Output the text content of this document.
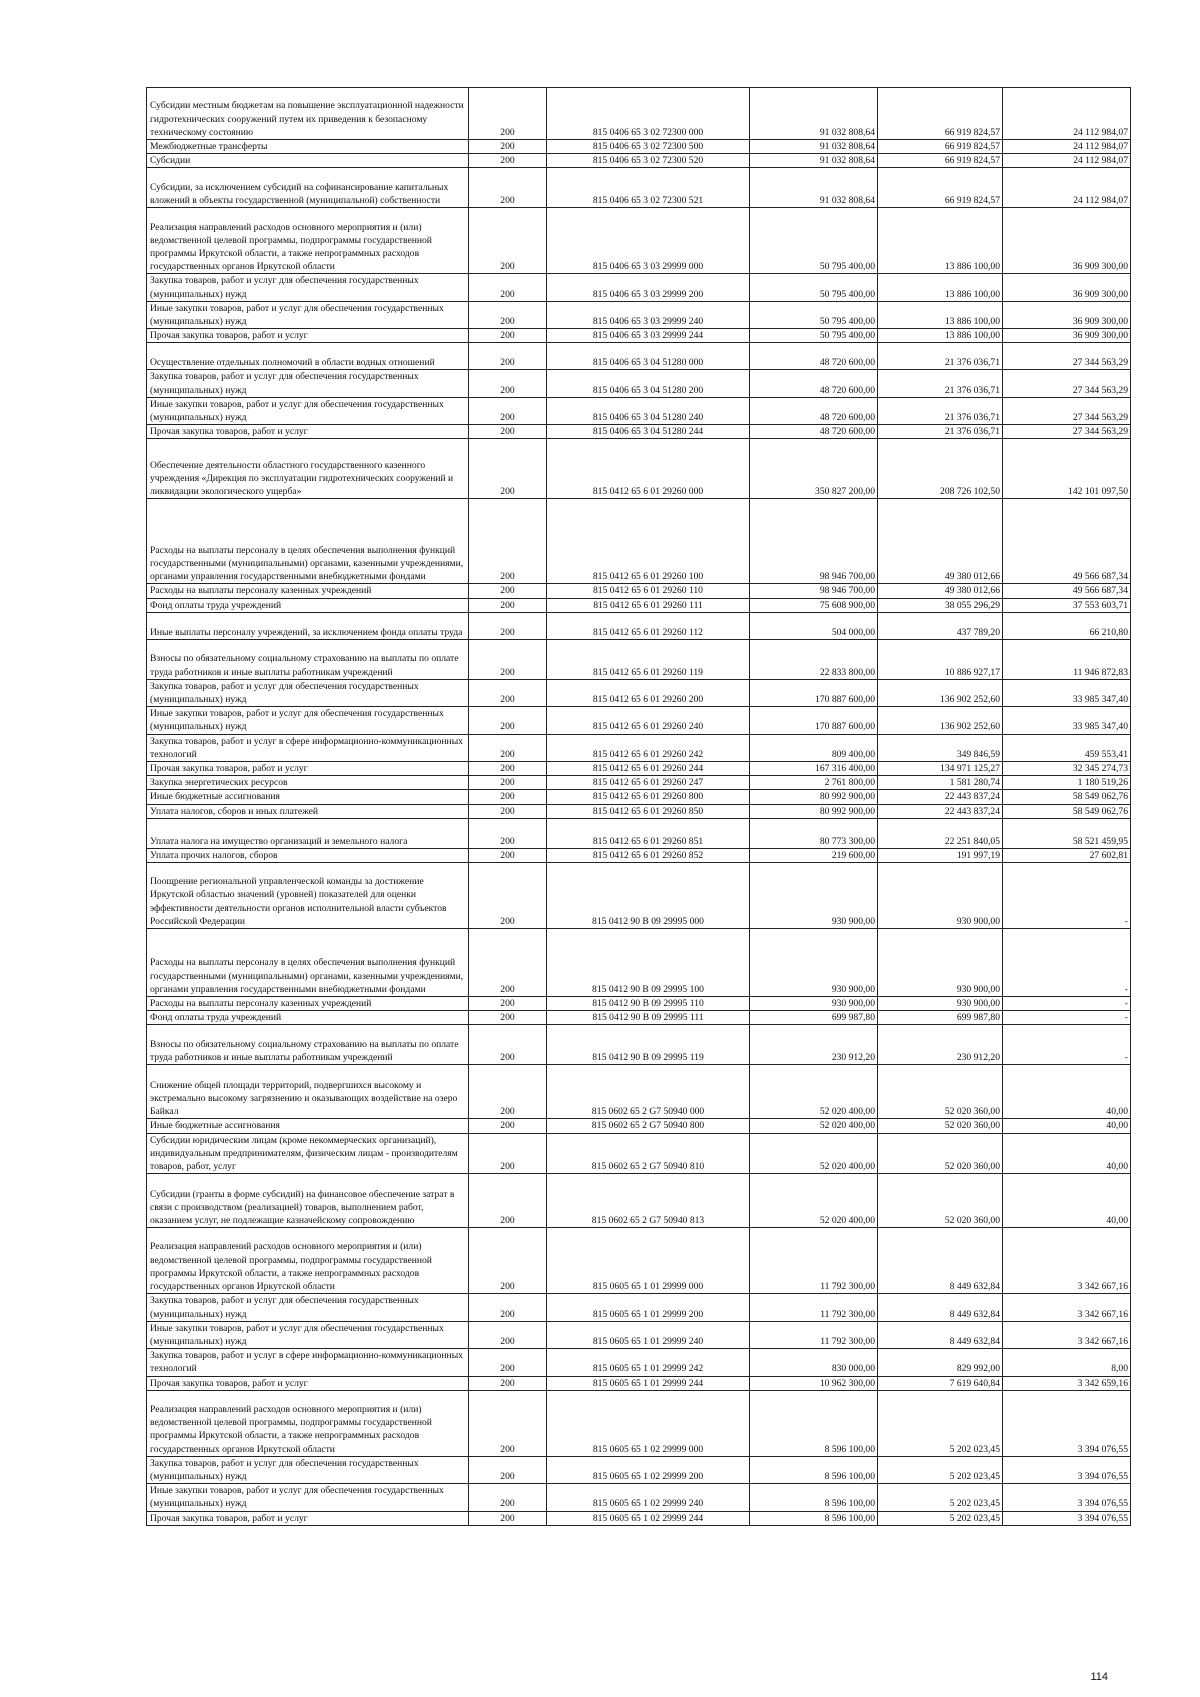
Субсидии местным бюджетам на повышение эксплуатационной надежности гидротехнических сооружений путем их приведения к безопасному техническому состоянию	200	815 0406 65 3 02 72300 000	91 032 808,64	66 919 824,57	24 112 984,07
Межбюджетные трансферты	200	815 0406 65 3 02 72300 500	91 032 808,64	66 919 824,57	24 112 984,07
Субсидии	200	815 0406 65 3 02 72300 520	91 032 808,64	66 919 824,57	24 112 984,07
Субсидии, за исключением субсидий на софинансирование капитальных вложений в объекты государственной (муниципальной) собственности	200	815 0406 65 3 02 72300 521	91 032 808,64	66 919 824,57	24 112 984,07
Реализация направлений расходов основного мероприятия и (или) ведомственной целевой программы, подпрограммы государственной программы Иркутской области, а также непрограммных расходов государственных органов Иркутской области	200	815 0406 65 3 03 29999 000	50 795 400,00	13 886 100,00	36 909 300,00
Закупка товаров, работ и услуг для обеспечения государственных (муниципальных) нужд	200	815 0406 65 3 03 29999 200	50 795 400,00	13 886 100,00	36 909 300,00
Иные закупки товаров, работ и услуг для обеспечения государственных (муниципальных) нужд	200	815 0406 65 3 03 29999 240	50 795 400,00	13 886 100,00	36 909 300,00
Прочая закупка товаров, работ и услуг	200	815 0406 65 3 03 29999 244	50 795 400,00	13 886 100,00	36 909 300,00
Осуществление отдельных полномочий в области водных отношений	200	815 0406 65 3 04 51280 000	48 720 600,00	21 376 036,71	27 344 563,29
Закупка товаров, работ и услуг для обеспечения государственных (муниципальных) нужд	200	815 0406 65 3 04 51280 200	48 720 600,00	21 376 036,71	27 344 563,29
Иные закупки товаров, работ и услуг для обеспечения государственных (муниципальных) нужд	200	815 0406 65 3 04 51280 240	48 720 600,00	21 376 036,71	27 344 563,29
Прочая закупка товаров, работ и услуг	200	815 0406 65 3 04 51280 244	48 720 600,00	21 376 036,71	27 344 563,29
Обеспечение деятельности областного государственного казенного учреждения «Дирекция по эксплуатации гидротехнических сооружений и ликвидации экологического ущерба»	200	815 0412 65 6 01 29260 000	350 827 200,00	208 726 102,50	142 101 097,50
Расходы на выплаты персоналу в целях обеспечения выполнения функций государственными (муниципальными) органами, казенными учреждениями, органами управления государственными внебюджетными фондами	200	815 0412 65 6 01 29260 100	98 946 700,00	49 380 012,66	49 566 687,34
Расходы на выплаты персоналу казенных учреждений	200	815 0412 65 6 01 29260 110	98 946 700,00	49 380 012,66	49 566 687,34
Фонд оплаты труда учреждений	200	815 0412 65 6 01 29260 111	75 608 900,00	38 055 296,29	37 553 603,71
Иные выплаты персоналу учреждений, за исключением фонда оплаты труда	200	815 0412 65 6 01 29260 112	504 000,00	437 789,20	66 210,80
Взносы по обязательному социальному страхованию на выплаты по оплате труда работников и иные выплаты работникам учреждений	200	815 0412 65 6 01 29260 119	22 833 800,00	10 886 927,17	11 946 872,83
Закупка товаров, работ и услуг для обеспечения государственных (муниципальных) нужд	200	815 0412 65 6 01 29260 200	170 887 600,00	136 902 252,60	33 985 347,40
Иные закупки товаров, работ и услуг для обеспечения государственных (муниципальных) нужд	200	815 0412 65 6 01 29260 240	170 887 600,00	136 902 252,60	33 985 347,40
Закупка товаров, работ и услуг в сфере информационно-коммуникационных технологий	200	815 0412 65 6 01 29260 242	809 400,00	349 846,59	459 553,41
Прочая закупка товаров, работ и услуг	200	815 0412 65 6 01 29260 244	167 316 400,00	134 971 125,27	32 345 274,73
Закупка энергетических ресурсов	200	815 0412 65 6 01 29260 247	2 761 800,00	1 581 280,74	1 180 519,26
Иные бюджетные ассигнования	200	815 0412 65 6 01 29260 800	80 992 900,00	22 443 837,24	58 549 062,76
Уплата налогов, сборов и иных платежей	200	815 0412 65 6 01 29260 850	80 992 900,00	22 443 837,24	58 549 062,76
Уплата налога на имущество организаций и земельного налога	200	815 0412 65 6 01 29260 851	80 773 300,00	22 251 840,05	58 521 459,95
Уплата прочих налогов, сборов	200	815 0412 65 6 01 29260 852	219 600,00	191 997,19	27 602,81
Поощрение региональной управленческой команды за достижение Иркутской областью значений (уровней) показателей для оценки эффективности деятельности органов исполнительной власти субъектов Российской Федерации	200	815 0412 90 В 09 29995 000	930 900,00	930 900,00	-
Расходы на выплаты персоналу в целях обеспечения выполнения функций государственными (муниципальными) органами, казенными учреждениями, органами управления государственными внебюджетными фондами	200	815 0412 90 В 09 29995 100	930 900,00	930 900,00	-
Расходы на выплаты персоналу казенных учреждений	200	815 0412 90 В 09 29995 110	930 900,00	930 900,00	-
Фонд оплаты труда учреждений	200	815 0412 90 В 09 29995 111	699 987,80	699 987,80	-
Взносы по обязательному социальному страхованию на выплаты по оплате труда работников и иные выплаты работникам учреждений	200	815 0412 90 В 09 29995 119	230 912,20	230 912,20	-
Снижение общей площади территорий, подвергшихся высокому и экстремально высокому загрязнению и оказывающих воздействие на озеро Байкал	200	815 0602 65 2 G7 50940 000	52 020 400,00	52 020 360,00	40,00
Иные бюджетные ассигнования	200	815 0602 65 2 G7 50940 800	52 020 400,00	52 020 360,00	40,00
Субсидии юридическим лицам (кроме некоммерческих организаций), индивидуальным предпринимателям, физическим лицам - производителям товаров, работ, услуг	200	815 0602 65 2 G7 50940 810	52 020 400,00	52 020 360,00	40,00
Субсидии (гранты в форме субсидий) на финансовое обеспечение затрат в связи с производством (реализацией) товаров, выполнением работ, оказанием услуг, не подлежащие казначейскому сопровождению	200	815 0602 65 2 G7 50940 813	52 020 400,00	52 020 360,00	40,00
Реализация направлений расходов основного мероприятия и (или) ведомственной целевой программы, подпрограммы государственной программы Иркутской области, а также непрограммных расходов государственных органов Иркутской области	200	815 0605 65 1 01 29999 000	11 792 300,00	8 449 632,84	3 342 667,16
Закупка товаров, работ и услуг для обеспечения государственных (муниципальных) нужд	200	815 0605 65 1 01 29999 200	11 792 300,00	8 449 632,84	3 342 667,16
Иные закупки товаров, работ и услуг для обеспечения государственных (муниципальных) нужд	200	815 0605 65 1 01 29999 240	11 792 300,00	8 449 632,84	3 342 667,16
Закупка товаров, работ и услуг в сфере информационно-коммуникационных технологий	200	815 0605 65 1 01 29999 242	830 000,00	829 992,00	8,00
Прочая закупка товаров, работ и услуг	200	815 0605 65 1 01 29999 244	10 962 300,00	7 619 640,84	3 342 659,16
Реализация направлений расходов основного мероприятия и (или) ведомственной целевой программы, подпрограммы государственной программы Иркутской области, а также непрограммных расходов государственных органов Иркутской области	200	815 0605 65 1 02 29999 000	8 596 100,00	5 202 023,45	3 394 076,55
Закупка товаров, работ и услуг для обеспечения государственных (муниципальных) нужд	200	815 0605 65 1 02 29999 200	8 596 100,00	5 202 023,45	3 394 076,55
Иные закупки товаров, работ и услуг для обеспечения государственных (муниципальных) нужд	200	815 0605 65 1 02 29999 240	8 596 100,00	5 202 023,45	3 394 076,55
Прочая закупка товаров, работ и услуг	200	815 0605 65 1 02 29999 244	8 596 100,00	5 202 023,45	3 394 076,55
114
